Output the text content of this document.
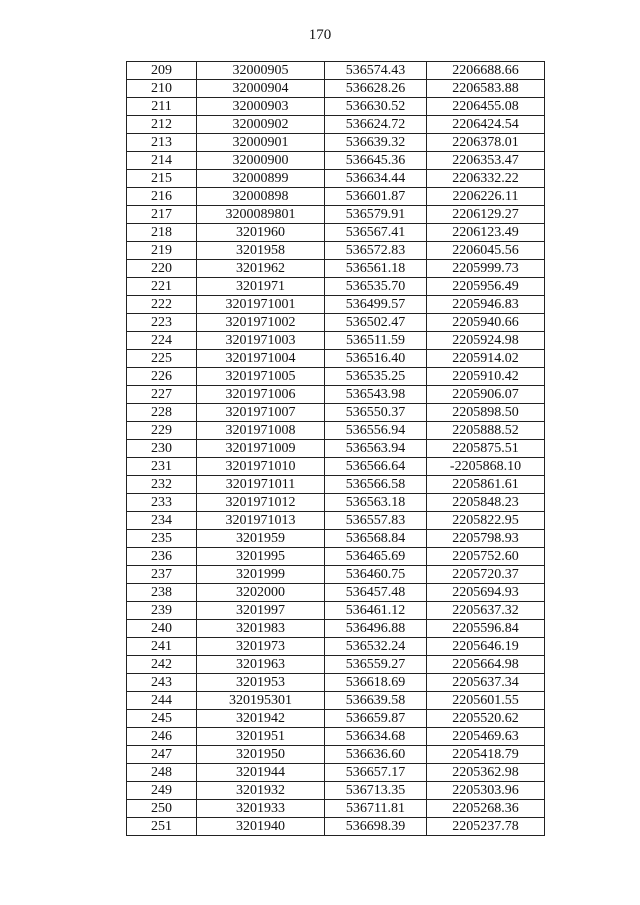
170
209	32000905	536574.43	2206688.66
210	32000904	536628.26	2206583.88
211	32000903	536630.52	2206455.08
212	32000902	536624.72	2206424.54
213	32000901	536639.32	2206378.01
214	32000900	536645.36	2206353.47
215	32000899	536634.44	2206332.22
216	32000898	536601.87	2206226.11
217	3200089801	536579.91	2206129.27
218	3201960	536567.41	2206123.49
219	3201958	536572.83	2206045.56
220	3201962	536561.18	2205999.73
221	3201971	536535.70	2205956.49
222	3201971001	536499.57	2205946.83
223	3201971002	536502.47	2205940.66
224	3201971003	536511.59	2205924.98
225	3201971004	536516.40	2205914.02
226	3201971005	536535.25	2205910.42
227	3201971006	536543.98	2205906.07
228	3201971007	536550.37	2205898.50
229	3201971008	536556.94	2205888.52
230	3201971009	536563.94	2205875.51
231	3201971010	536566.64	-2205868.10
232	3201971011	536566.58	2205861.61
233	3201971012	536563.18	2205848.23
234	3201971013	536557.83	2205822.95
235	3201959	536568.84	2205798.93
236	3201995	536465.69	2205752.60
237	3201999	536460.75	2205720.37
238	3202000	536457.48	2205694.93
239	3201997	536461.12	2205637.32
240	3201983	536496.88	2205596.84
241	3201973	536532.24	2205646.19
242	3201963	536559.27	2205664.98
243	3201953	536618.69	2205637.34
244	320195301	536639.58	2205601.55
245	3201942	536659.87	2205520.62
246	3201951	536634.68	2205469.63
247	3201950	536636.60	2205418.79
248	3201944	536657.17	2205362.98
249	3201932	536713.35	2205303.96
250	3201933	536711.81	2205268.36
251	3201940	536698.39	2205237.78
